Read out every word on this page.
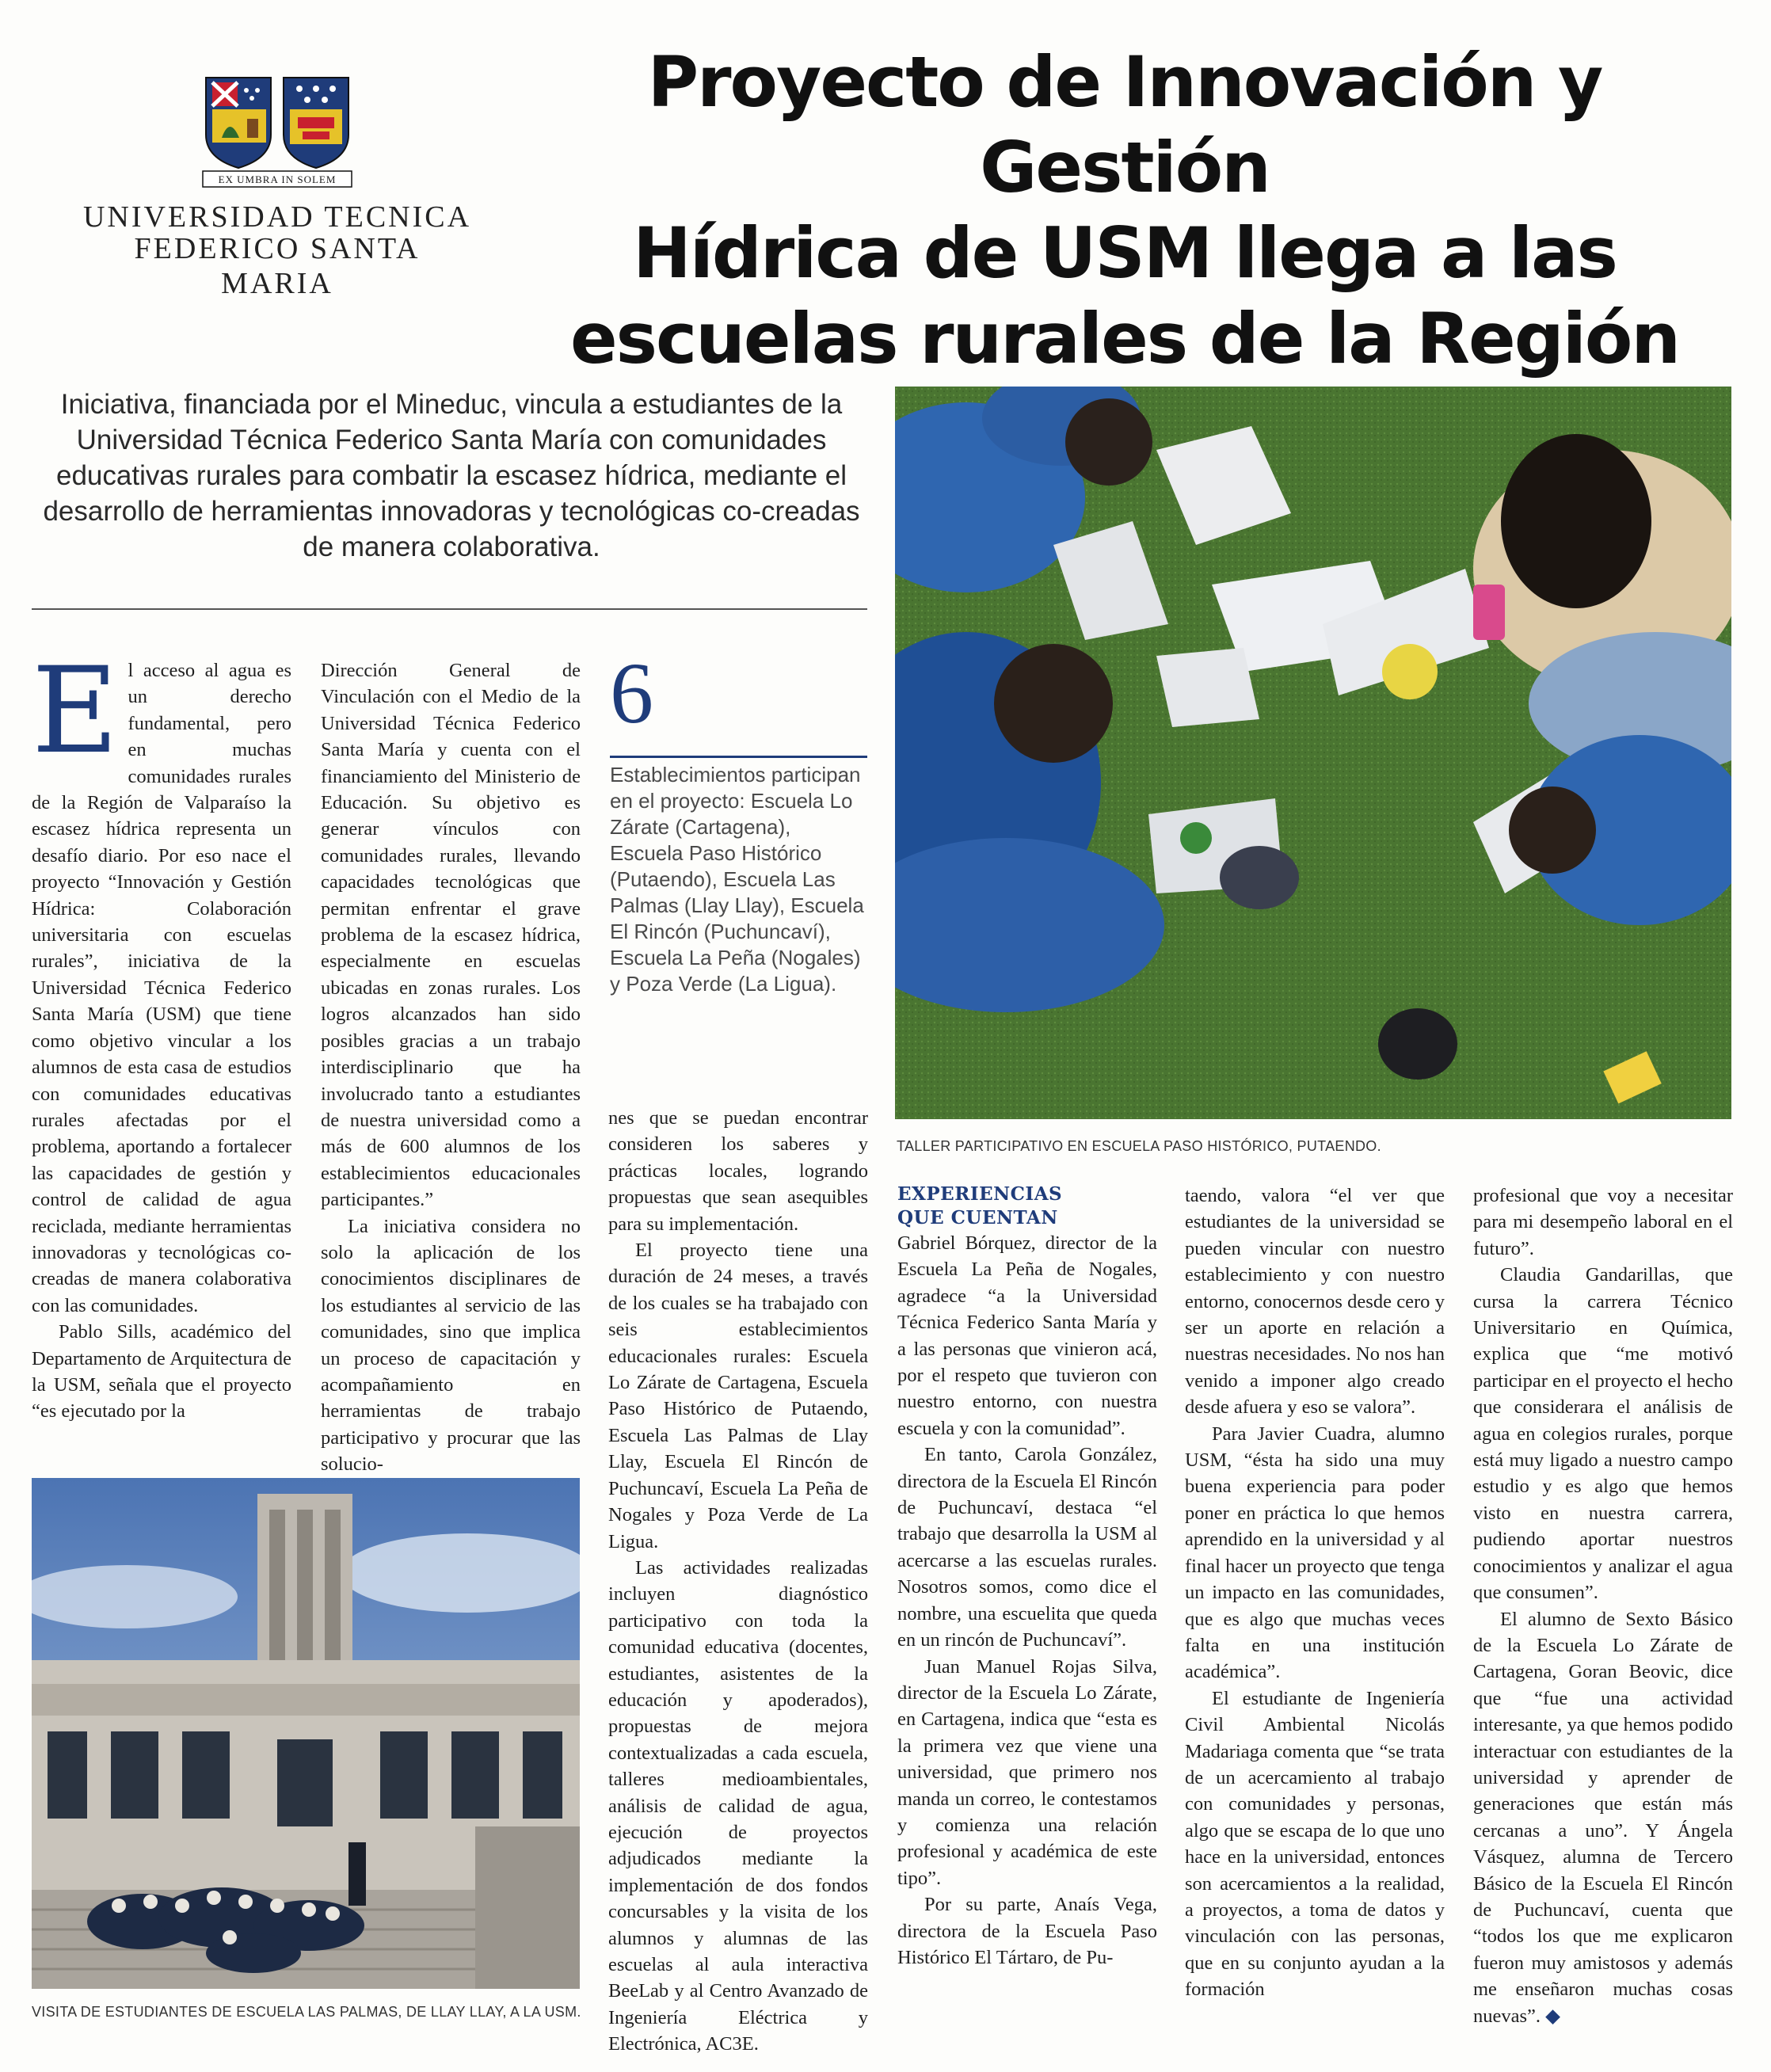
EX UMBRA IN SOLEM
UNIVERSIDAD TECNICA
FEDERICO SANTA MARIA
Proyecto de Innovación y Gestión
Hídrica de USM llega a las
escuelas rurales de la Región
Iniciativa, financiada por el Mineduc, vincula a estudiantes de la Universidad Técnica Federico Santa María con comunidades educativas rurales para combatir la escasez hídrica, mediante el desarrollo de herramientas innovadoras y tecnológicas co-creadas de manera colaborativa.
E l acceso al agua es un derecho fundamental, pero en muchas comunidades rurales de la Región de Valparaíso la escasez hídrica representa un desafío diario. Por eso nace el proyecto “Innovación y Gestión Hídrica: Colaboración universitaria con escuelas rurales”, iniciativa de la Universidad Técnica Federico Santa María (USM) que tiene como objetivo vincular a los alumnos de esta casa de estudios con comunidades educativas rurales afectadas por el problema, aportando a fortalecer las capacidades de gestión y control de calidad de agua reciclada, mediante herramientas innovadoras y tecnológicas co-creadas de manera colaborativa con las comunidades.

Pablo Sills, académico del Departamento de Arquitectura de la USM, señala que el proyecto “es ejecutado por la

Dirección General de Vinculación con el Medio de la Universidad Técnica Federico Santa María y cuenta con el financiamiento del Ministerio de Educación. Su objetivo es generar vínculos con comunidades rurales, llevando capacidades tecnológicas que permitan enfrentar el grave problema de la escasez hídrica, especialmente en escuelas ubicadas en zonas rurales. Los logros alcanzados han sido posibles gracias a un trabajo interdisciplinario que ha involucrado tanto a estudiantes de nuestra universidad como a más de 600 alumnos de los establecimientos educacionales participantes.”

La iniciativa considera no solo la aplicación de los conocimientos disciplinares de los estudiantes al servicio de las comunidades, sino que implica un proceso de capacitación y acompañamiento en herramientas de trabajo participativo y procurar que las solucio-

6
Establecimientos participan en el proyecto: Escuela Lo Zárate (Cartagena), Escuela Paso Histórico (Putaendo), Escuela Las Palmas (Llay Llay), Escuela El Rincón (Puchuncaví), Escuela La Peña (Nogales) y Poza Verde (La Ligua).

nes que se puedan encontrar consideren los saberes y prácticas locales, logrando propuestas que sean asequibles para su implementación.

El proyecto tiene una duración de 24 meses, a través de los cuales se ha trabajado con seis establecimientos educacionales rurales: Escuela Lo Zárate de Cartagena, Escuela Paso Histórico de Putaendo, Escuela Las Palmas de Llay Llay, Escuela El Rincón de Puchuncaví, Escuela La Peña de Nogales y Poza Verde de La Ligua.

Las actividades realizadas incluyen diagnóstico participativo con toda la comunidad educativa (docentes, estudiantes, asistentes de la educación y apoderados), propuestas de mejora contextualizadas a cada escuela, talleres medioambientales, análisis de calidad de agua, ejecución de proyectos adjudicados mediante la implementación de dos fondos concursables y la visita de los alumnos y alumnas de las escuelas al aula interactiva BeeLab y al Centro Avanzado de Ingeniería Eléctrica y Electrónica, AC3E.

TALLER PARTICIPATIVO EN ESCUELA PASO HISTÓRICO, PUTAENDO.
EXPERIENCIAS
QUE CUENTAN

Gabriel Bórquez, director de la Escuela La Peña de Nogales, agradece “a la Universidad Técnica Federico Santa María y a las personas que vinieron acá, por el respeto que tuvieron con nuestro entorno, con nuestra escuela y con la comunidad”.

En tanto, Carola González, directora de la Escuela El Rincón de Puchuncaví, destaca “el trabajo que desarrolla la USM al acercarse a las escuelas rurales. Nosotros somos, como dice el nombre, una escuelita que queda en un rincón de Puchuncaví”.

Juan Manuel Rojas Silva, director de la Escuela Lo Zárate, en Cartagena, indica que “esta es la primera vez que viene una universidad, que primero nos manda un correo, le contestamos y comienza una relación profesional y académica de este tipo”.

Por su parte, Anaís Vega, directora de la Escuela Paso Histórico El Tártaro, de Pu-

taendo, valora “el ver que estudiantes de la universidad se pueden vincular con nuestro establecimiento y con nuestro entorno, conocernos desde cero y ser un aporte en relación a nuestras necesidades. No nos han venido a imponer algo creado desde afuera y eso se valora”.

Para Javier Cuadra, alumno USM, “ésta ha sido una muy buena experiencia para poder poner en práctica lo que hemos aprendido en la universidad y al final hacer un proyecto que tenga un impacto en las comunidades, que es algo que muchas veces falta en una institución académica”.

El estudiante de Ingeniería Civil Ambiental Nicolás Madariaga comenta que “se trata de un acercamiento al trabajo con comunidades y personas, algo que se escapa de lo que uno hace en la universidad, entonces son acercamientos a la realidad, a proyectos, a toma de datos y vinculación con las personas, que en su conjunto ayudan a la formación

profesional que voy a necesitar para mi desempeño laboral en el futuro”.

Claudia Gandarillas, que cursa la carrera Técnico Universitario en Química, explica que “me motivó participar en el proyecto el hecho que considerara el análisis de agua en colegios rurales, porque está muy ligado a nuestro campo estudio y es algo que hemos visto en nuestra carrera, pudiendo aportar nuestros conocimientos y analizar el agua que consumen”.

El alumno de Sexto Básico de la Escuela Lo Zárate de Cartagena, Goran Beovic, dice que “fue una actividad interesante, ya que hemos podido interactuar con estudiantes de la universidad y aprender de generaciones que están más cercanas a uno”. Y Ángela Vásquez, alumna de Tercero Básico de la Escuela El Rincón de Puchuncaví, cuenta que “todos los que me explicaron fueron muy amistosos y además me enseñaron muchas cosas nuevas”. ◆

VISITA DE ESTUDIANTES DE ESCUELA LAS PALMAS, DE LLAY LLAY, A LA USM.
